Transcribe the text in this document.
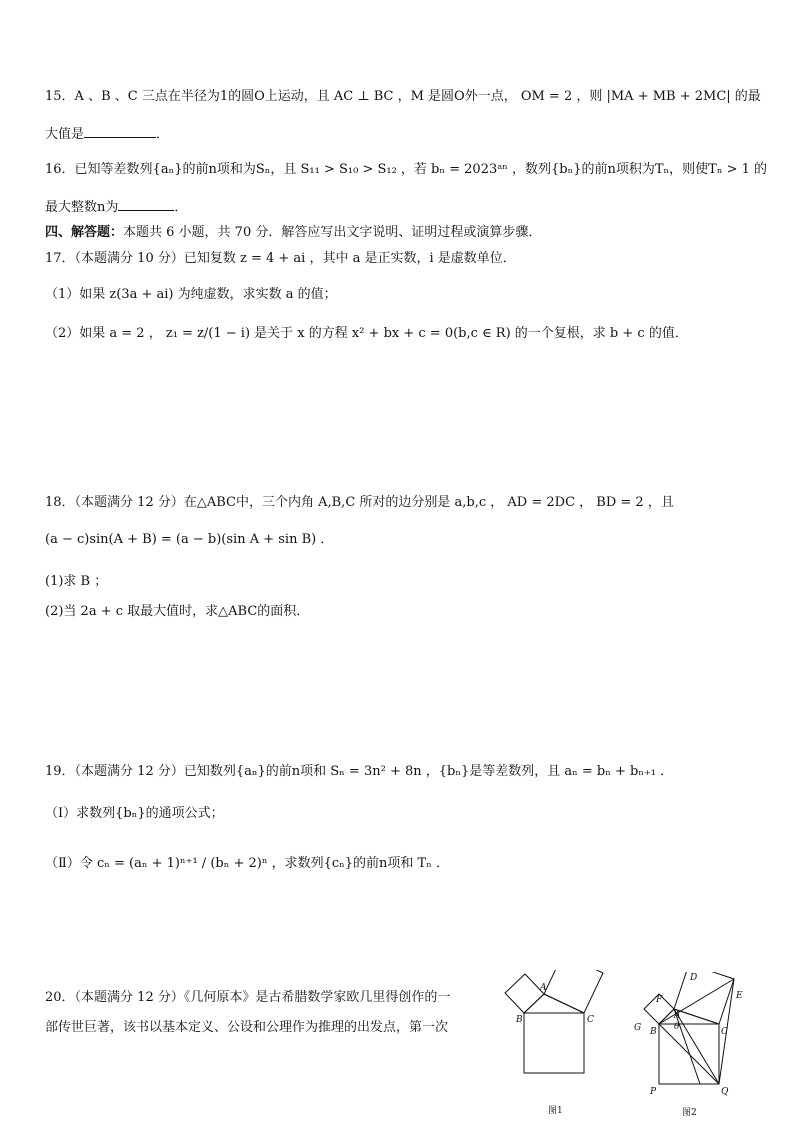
15．A 、B 、C 三点在半径为1的圆O上运动，且 AC ⊥ BC ，M 是圆O外一点， OM = 2 ，则 |MA + MB + 2MC| 的最
大值是	．
16．已知等差数列{aₙ}的前n项和为Sₙ，且 S₁₁ > S₁₀ > S₁₂ ，若 bₙ = 2023ᵃⁿ ，数列{bₙ}的前n项积为Tₙ，则使Tₙ > 1 的
最大整数n为	．
四、解答题：本题共 6 小题，共 70 分．解答应写出文字说明、证明过程或演算步骤．
17．（本题满分 10 分）已知复数 z = 4 + ai ，其中 a 是正实数，i 是虚数单位．
（1）如果 z(3a + ai) 为纯虚数，求实数 a 的值；
（2）如果 a = 2 ， z₁ = z/(1 − i) 是关于 x 的方程 x² + bx + c = 0(b,c ∈ R) 的一个复根，求 b + c 的值．
18．（本题满分 12 分）在△ABC中，三个内角 A,B,C 所对的边分别是 a,b,c ， AD = 2DC ， BD = 2 ，且
(a − c)sin(A + B) = (a − b)(sin A + sin B) ．
(1)求 B ；
(2)当 2a + c 取最大值时，求△ABC的面积．
19．（本题满分 12 分）已知数列{aₙ}的前n项和 Sₙ = 3n² + 8n ，{bₙ}是等差数列，且 aₙ = bₙ + bₙ₊₁ ．
（Ⅰ）求数列{bₙ}的通项公式；
（Ⅱ）令 cₙ = (aₙ + 1)ⁿ⁺¹ / (bₙ + 2)ⁿ ，求数列{cₙ}的前n项和 Tₙ ．
20．（本题满分 12 分）《几何原本》是古希腊数学家欧几里得创作的一
部传世巨著，该书以基本定义、公设和公理作为推理的出发点，第一次
A
B	C
图1
D
E
F
G
A
θ
B	C
P	Q
图2
